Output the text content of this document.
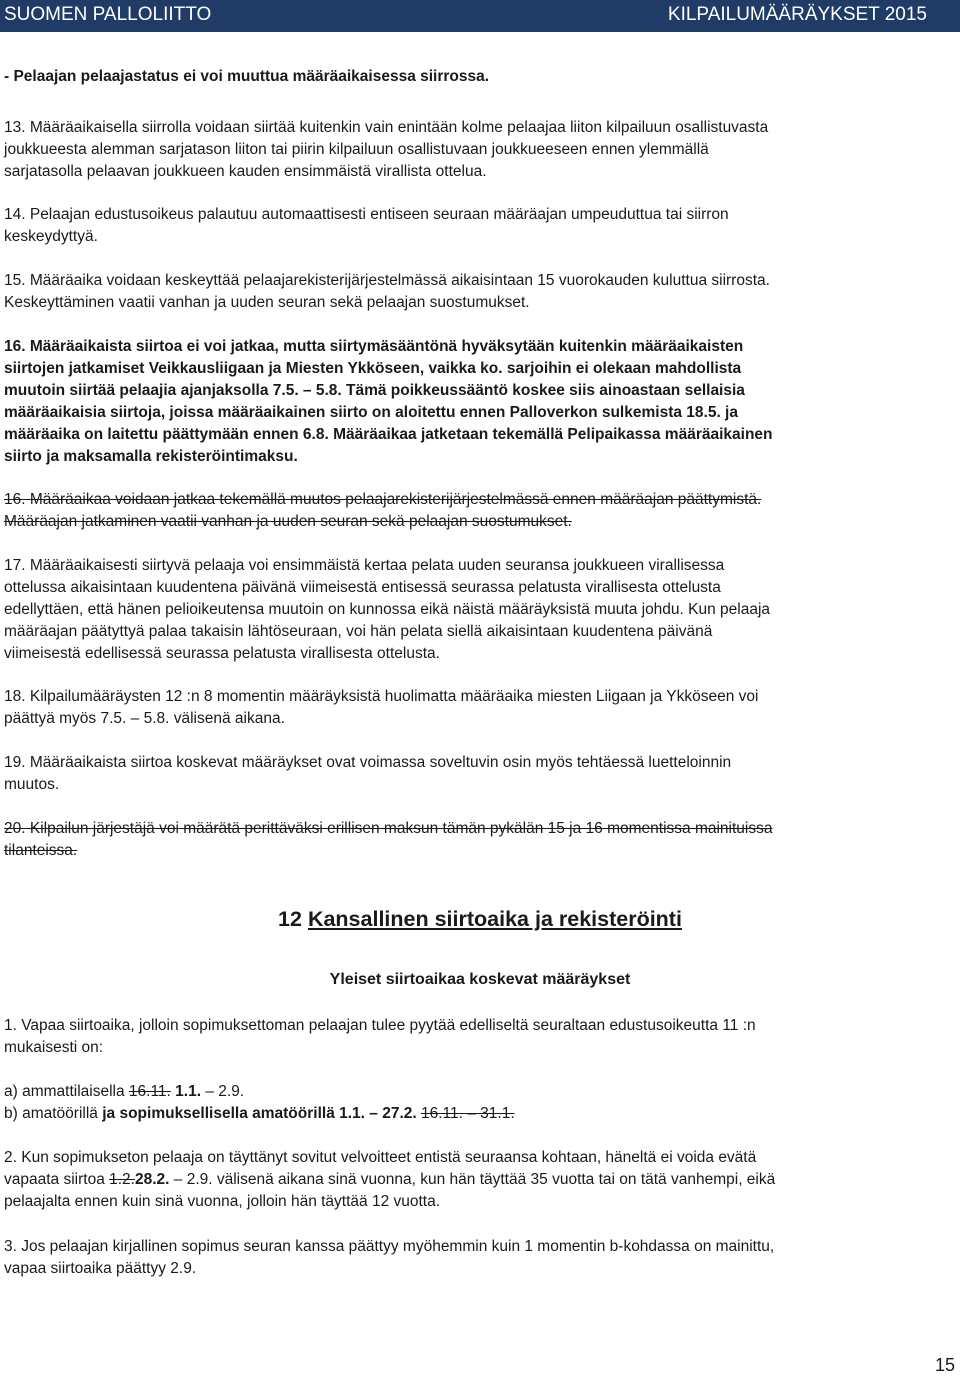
SUOMEN PALLOLIITTO	KILPAILUMÄÄRÄYKSET 2015
- Pelaajan pelaajastatus ei voi muuttua määräaikaisessa siirrossa.
13. Määräaikaisella siirrolla voidaan siirtää kuitenkin vain enintään kolme pelaajaa liiton kilpailuun osallistuvasta
joukkueesta alemman sarjatason liiton tai piirin kilpailuun osallistuvaan joukkueeseen ennen ylemmällä
sarjatasolla pelaavan joukkueen kauden ensimmäistä virallista ottelua.
14. Pelaajan edustusoikeus palautuu automaattisesti entiseen seuraan määräajan umpeuduttua tai siirron
keskeydyttyä.
15. Määräaika voidaan keskeyttää pelaajarekisterijärjestelmässä aikaisintaan 15 vuorokauden kuluttua siirrosta.
Keskeyttäminen vaatii vanhan ja uuden seuran sekä pelaajan suostumukset.
16. Määräaikaista siirtoa ei voi jatkaa, mutta siirtymäsääntönä hyväksytään kuitenkin määräaikaisten
siirtojen jatkamiset Veikkausliigaan ja Miesten Ykköseen, vaikka ko. sarjoihin ei olekaan mahdollista
muutoin siirtää pelaajia ajanjaksolla 7.5. – 5.8. Tämä poikkeussääntö koskee siis ainoastaan sellaisia
määräaikaisia siirtoja, joissa määräaikainen siirto on aloitettu ennen Palloverkon sulkemista 18.5. ja
määräaika on laitettu päättymään ennen 6.8. Määräaikaa jatketaan tekemällä Pelipaikassa määräaikainen
siirto ja maksamalla rekisteröintimaksu.
16. Määräaikaa voidaan jatkaa tekemällä muutos pelaajarekisterijärjestelmässä ennen määräajan päättymistä.
Määräajan jatkaminen vaatii vanhan ja uuden seuran sekä pelaajan suostumukset.
17. Määräaikaisesti siirtyvä pelaaja voi ensimmäistä kertaa pelata uuden seuransa joukkueen virallisessa
ottelussa aikaisintaan kuudentena päivänä viimeisestä entisessä seurassa pelatusta virallisesta ottelusta
edellyttäen, että hänen pelioikeutensa muutoin on kunnossa eikä näistä määräyksistä muuta johdu. Kun pelaaja
määräajan päätyttyä palaa takaisin lähtöseuraan, voi hän pelata siellä aikaisintaan kuudentena päivänä
viimeisestä edellisessä seurassa pelatusta virallisesta ottelusta.
18. Kilpailumääräysten 12 :n 8 momentin määräyksistä huolimatta määräaika miesten Liigaan ja Ykköseen voi
päättyä myös 7.5. – 5.8. välisenä aikana.
19. Määräaikaista siirtoa koskevat määräykset ovat voimassa soveltuvin osin myös tehtäessä luetteloinnin
muutos.
20. Kilpailun järjestäjä voi määrätä perittäväksi erillisen maksun tämän pykälän 15 ja 16 momentissa mainituissa
tilanteissa.
12 Kansallinen siirtoaika ja rekisteröinti
Yleiset siirtoaikaa koskevat määräykset
1. Vapaa siirtoaika, jolloin sopimuksettoman pelaajan tulee pyytää edelliseltä seuraltaan edustusoikeutta 11 :n
mukaisesti on:
a) ammattilaisella 16.11. 1.1. – 2.9.
b) amatöörillä ja sopimuksellisella amatöörillä 1.1. – 27.2. 16.11. – 31.1.
2. Kun sopimukseton pelaaja on täyttänyt sovitut velvoitteet entistä seuraansa kohtaan, häneltä ei voida evätä
vapaata siirtoa 1.2.28.2. – 2.9. välisenä aikana sinä vuonna, kun hän täyttää 35 vuotta tai on tätä vanhempi, eikä
pelaajalta ennen kuin sinä vuonna, jolloin hän täyttää 12 vuotta.
3. Jos pelaajan kirjallinen sopimus seuran kanssa päättyy myöhemmin kuin 1 momentin b-kohdassa on mainittu,
vapaa siirtoaika päättyy 2.9.
15
